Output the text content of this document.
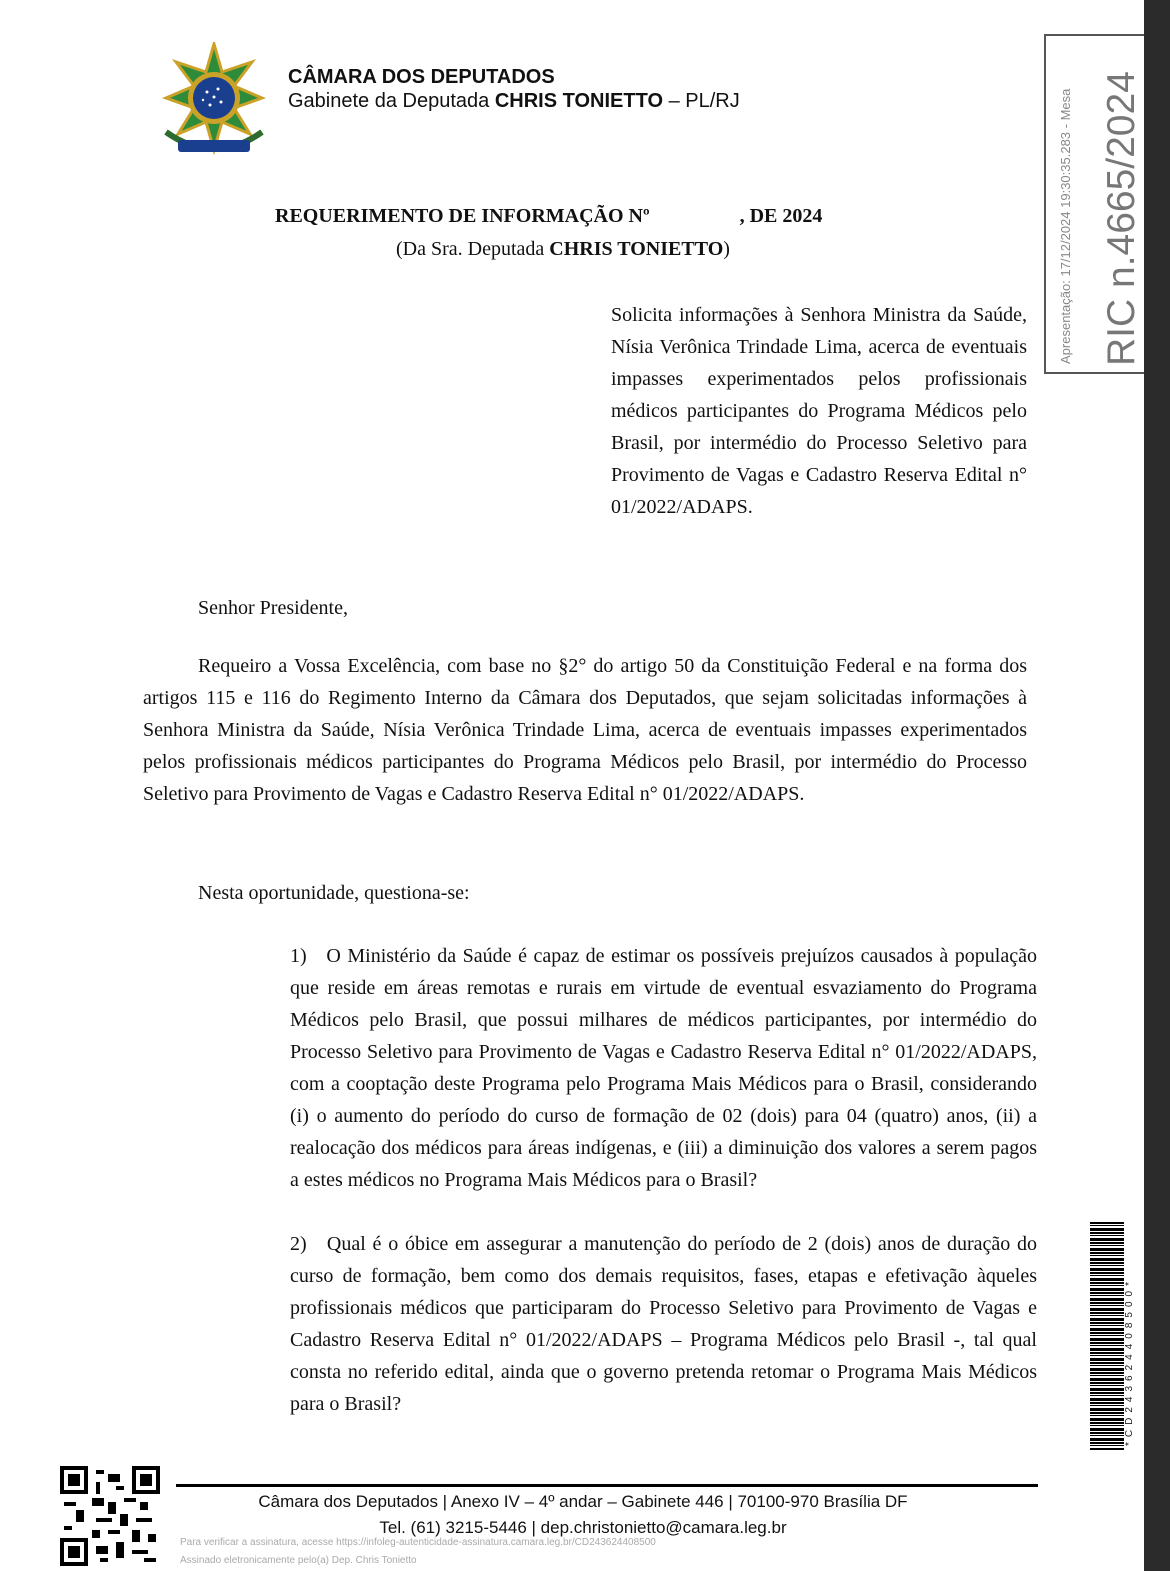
CÂMARA DOS DEPUTADOS
Gabinete da Deputada CHRIS TONIETTO – PL/RJ
REQUERIMENTO DE INFORMAÇÃO Nº                  , DE 2024
(Da Sra. Deputada CHRIS TONIETTO)
Solicita informações à Senhora Ministra da Saúde, Nísia Verônica Trindade Lima, acerca de eventuais impasses experimentados pelos profissionais médicos participantes do Programa Médicos pelo Brasil, por intermédio do Processo Seletivo para Provimento de Vagas e Cadastro Reserva Edital n° 01/2022/ADAPS.
Senhor Presidente,
Requeiro a Vossa Excelência, com base no §2° do artigo 50 da Constituição Federal e na forma dos artigos 115 e 116 do Regimento Interno da Câmara dos Deputados, que sejam solicitadas informações à Senhora Ministra da Saúde, Nísia Verônica Trindade Lima, acerca de eventuais impasses experimentados pelos profissionais médicos participantes do Programa Médicos pelo Brasil, por intermédio do Processo Seletivo para Provimento de Vagas e Cadastro Reserva Edital n° 01/2022/ADAPS.
Nesta oportunidade, questiona-se:
1)   O Ministério da Saúde é capaz de estimar os possíveis prejuízos causados à população que reside em áreas remotas e rurais em virtude de eventual esvaziamento do Programa Médicos pelo Brasil, que possui milhares de médicos participantes, por intermédio do Processo Seletivo para Provimento de Vagas e Cadastro Reserva Edital n° 01/2022/ADAPS, com a cooptação deste Programa pelo Programa Mais Médicos para o Brasil, considerando (i) o aumento do período do curso de formação de 02 (dois) para 04 (quatro) anos, (ii) a realocação dos médicos para áreas indígenas, e (iii) a diminuição dos valores a serem pagos a estes médicos no Programa Mais Médicos para o Brasil?
2)   Qual é o óbice em assegurar a manutenção do período de 2 (dois) anos de duração do curso de formação, bem como dos demais requisitos, fases, etapas e efetivação àqueles profissionais médicos que participaram do Processo Seletivo para Provimento de Vagas e Cadastro Reserva Edital n° 01/2022/ADAPS – Programa Médicos pelo Brasil -, tal qual consta no referido edital, ainda que o governo pretenda retomar o Programa Mais Médicos para o Brasil?
Apresentação: 17/12/2024 19:30:35.283 - Mesa RIC n.4665/2024
*CD243624408500*
Câmara dos Deputados | Anexo IV – 4º andar – Gabinete 446 | 70100-970 Brasília DF
Tel. (61) 3215-5446 | dep.christonietto@camara.leg.br
Para verificar a assinatura, acesse https://infoleg-autenticidade-assinatura.camara.leg.br/CD243624408500
Assinado eletronicamente pelo(a) Dep. Chris Tonietto
